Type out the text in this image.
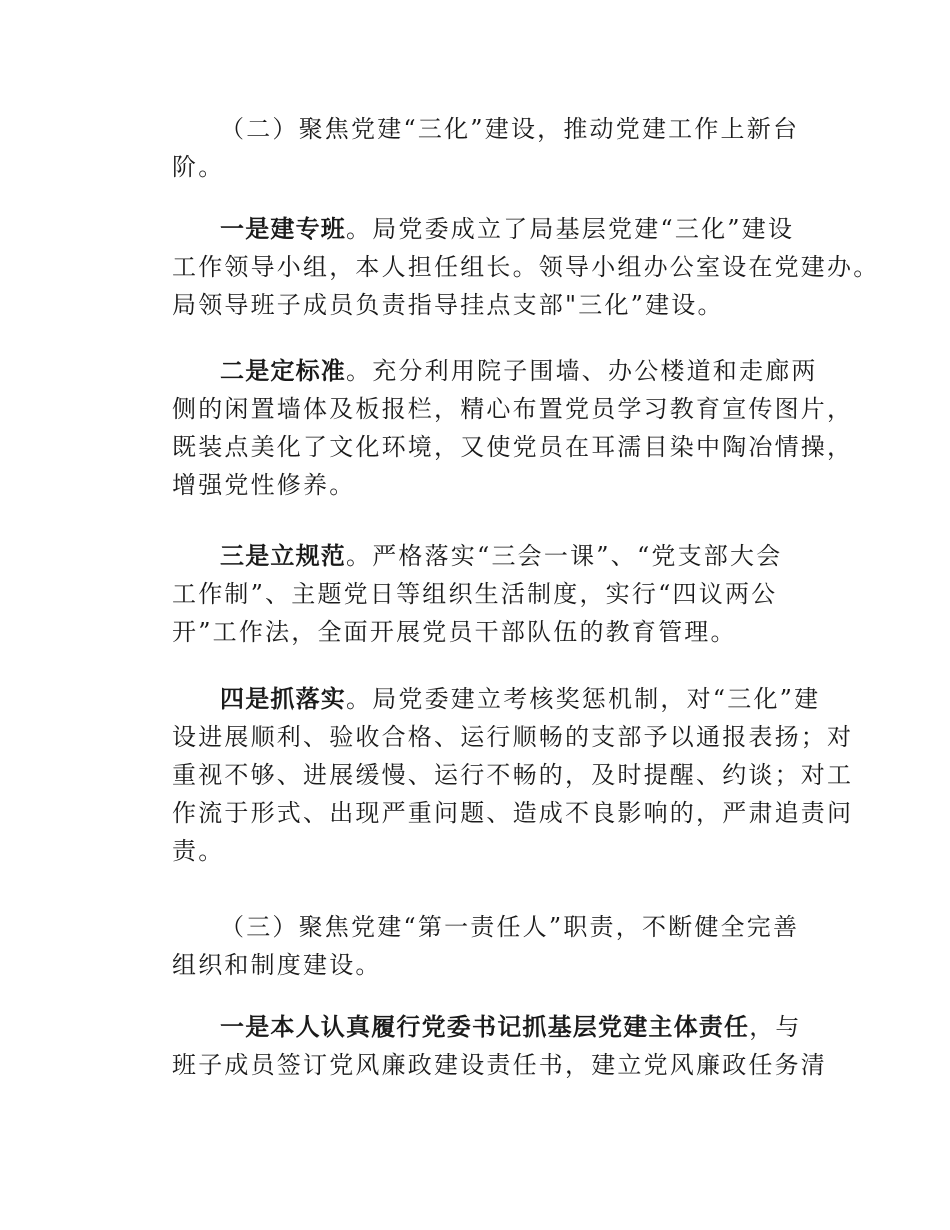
（二）聚焦党建“三化”建设，推动党建工作上新台
阶。
一是建专班。局党委成立了局基层党建“三化”建设
工作领导小组，本人担任组长。领导小组办公室设在党建办。
局领导班子成员负责指导挂点支部"三化”建设。
二是定标准。充分利用院子围墙、办公楼道和走廊两
侧的闲置墙体及板报栏，精心布置党员学习教育宣传图片，
既装点美化了文化环境，又使党员在耳濡目染中陶冶情操，
增强党性修养。
三是立规范。严格落实“三会一课”、“党支部大会
工作制”、主题党日等组织生活制度，实行“四议两公
开”工作法，全面开展党员干部队伍的教育管理。
四是抓落实。局党委建立考核奖惩机制，对“三化”建
设进展顺利、验收合格、运行顺畅的支部予以通报表扬；对
重视不够、进展缓慢、运行不畅的，及时提醒、约谈；对工
作流于形式、出现严重问题、造成不良影响的，严肃追责问
责。
（三）聚焦党建“第一责任人”职责，不断健全完善
组织和制度建设。
一是本人认真履行党委书记抓基层党建主体责任，与
班子成员签订党风廉政建设责任书，建立党风廉政任务清
